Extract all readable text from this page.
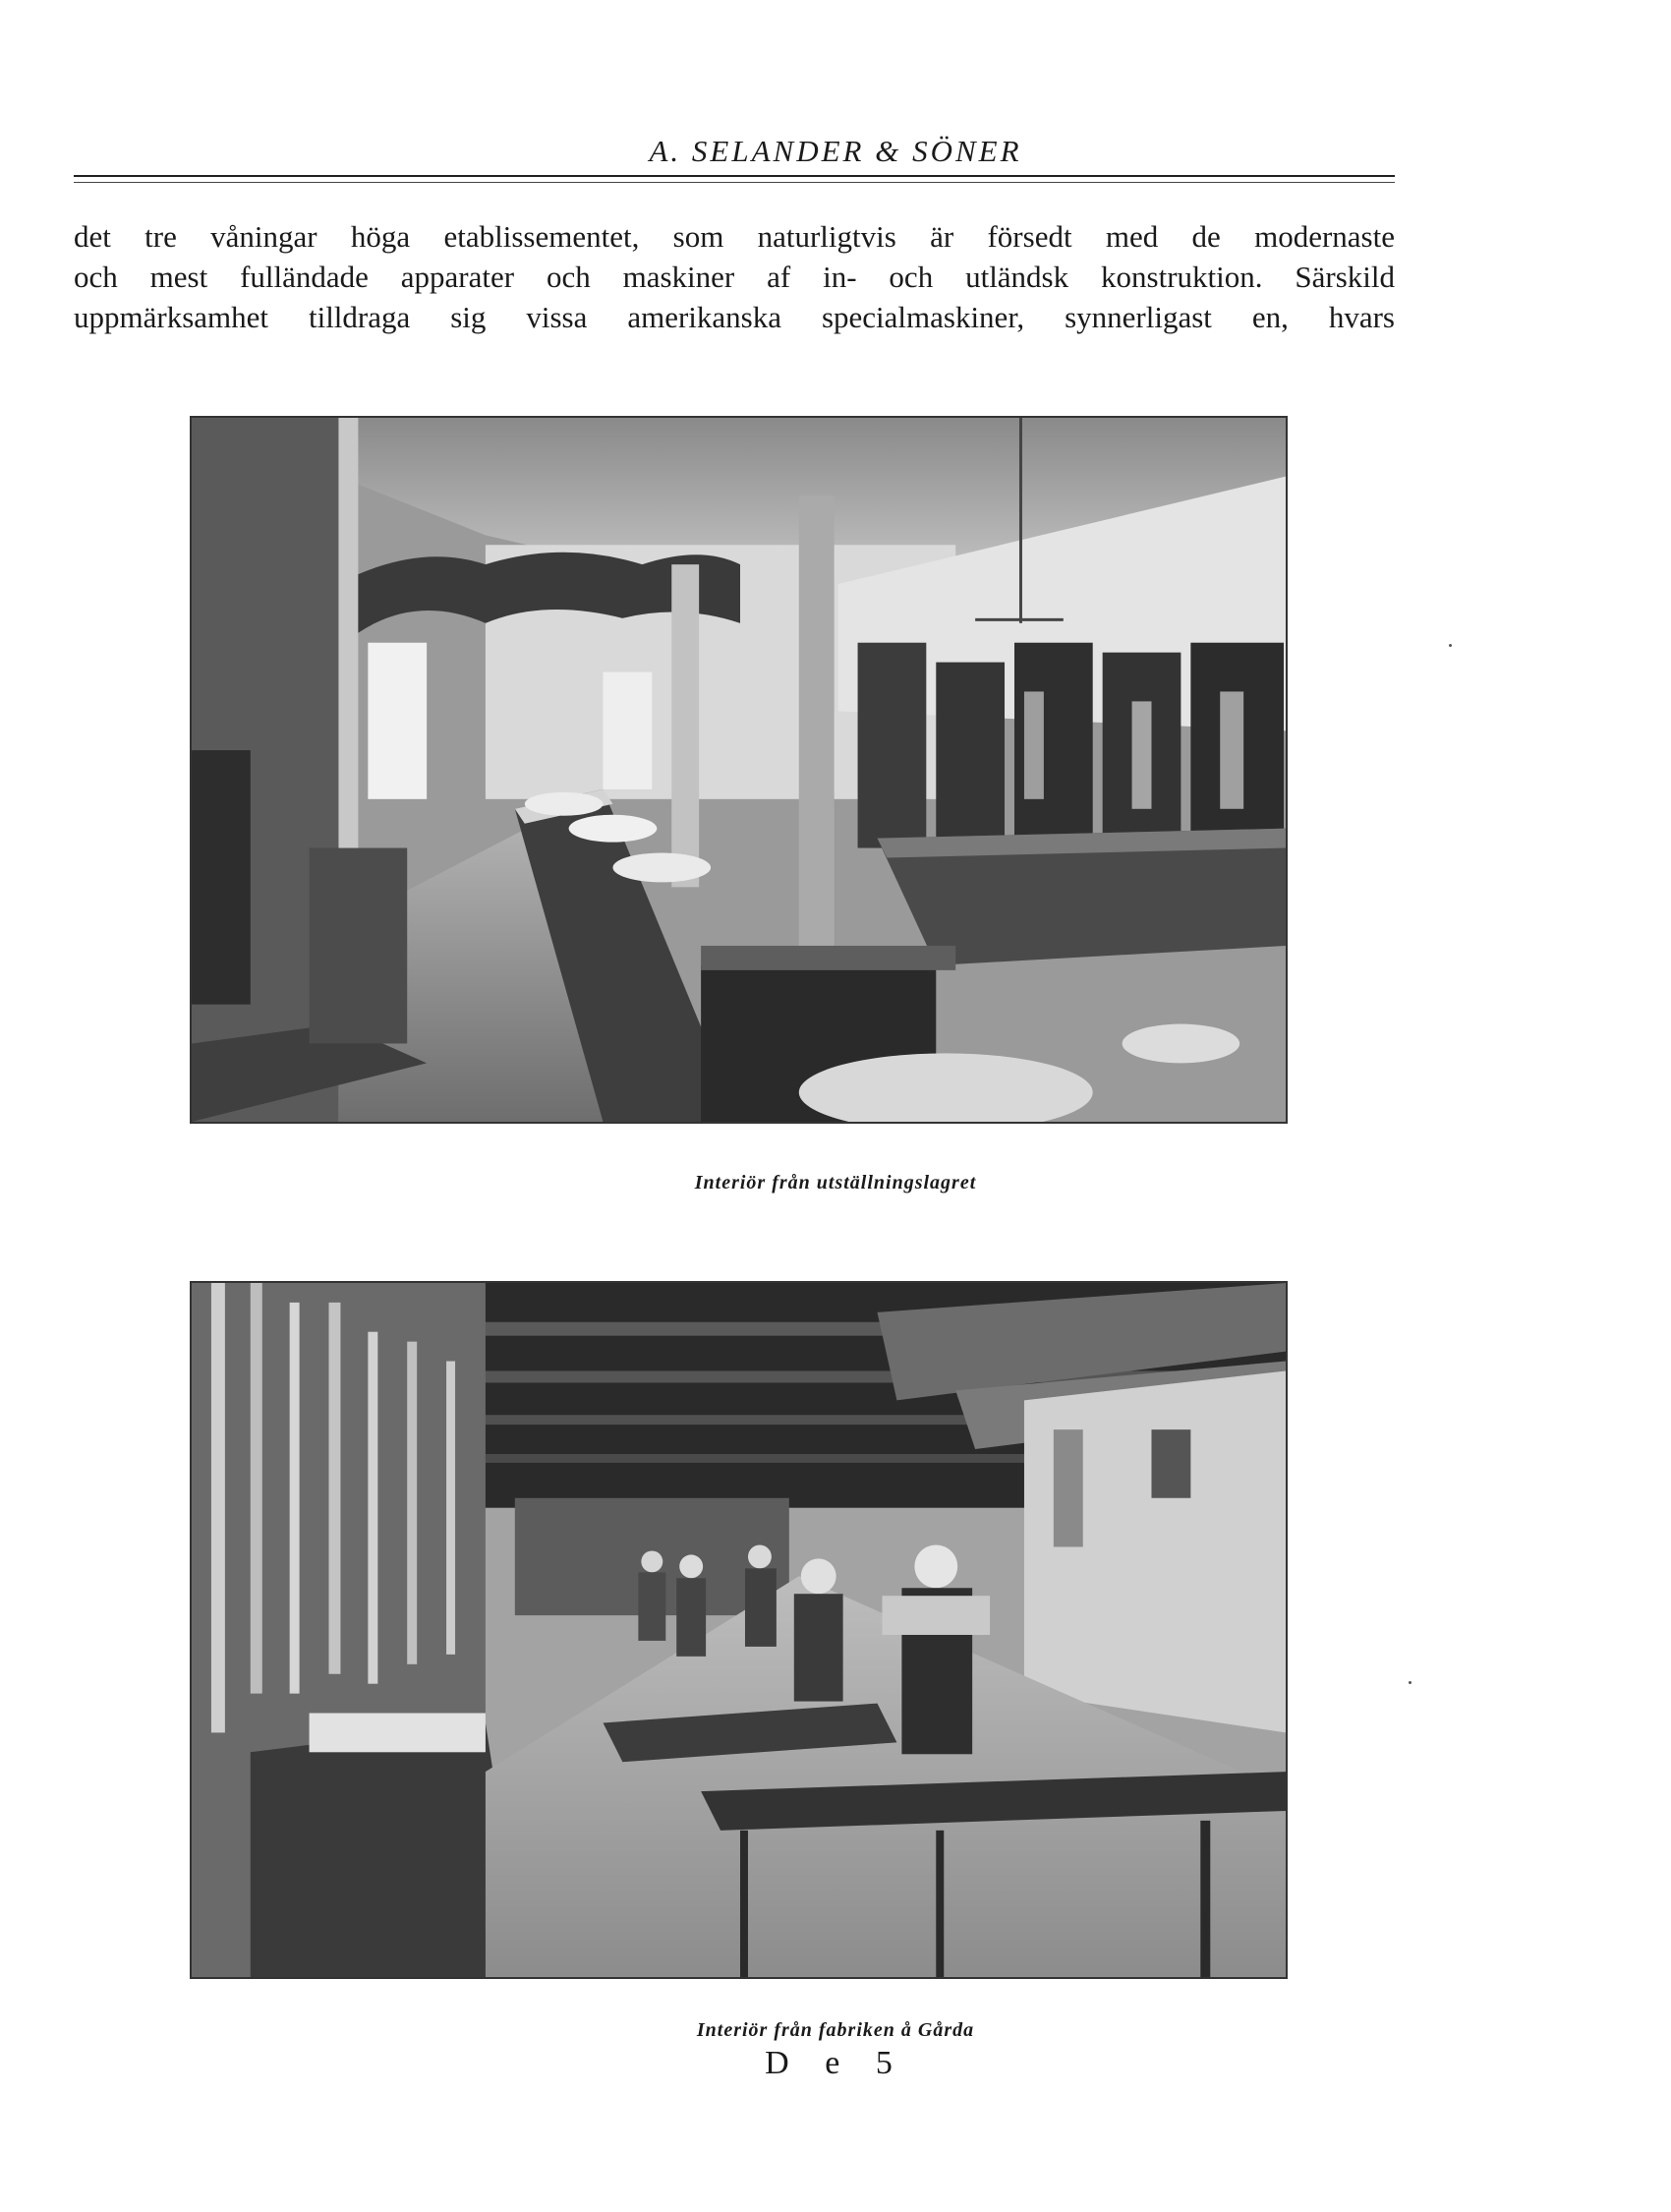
A. SELANDER & SÖNER
det tre våningar höga etablissementet, som naturligtvis är försedt med de modernaste
och mest fulländade apparater och maskiner af in- och utländsk konstruktion. Särskild
uppmärksamhet tilldraga sig vissa amerikanska specialmaskiner, synnerligast en, hvars
Interiör från utställningslagret
Interiör från fabriken å Gårda
D e 5
